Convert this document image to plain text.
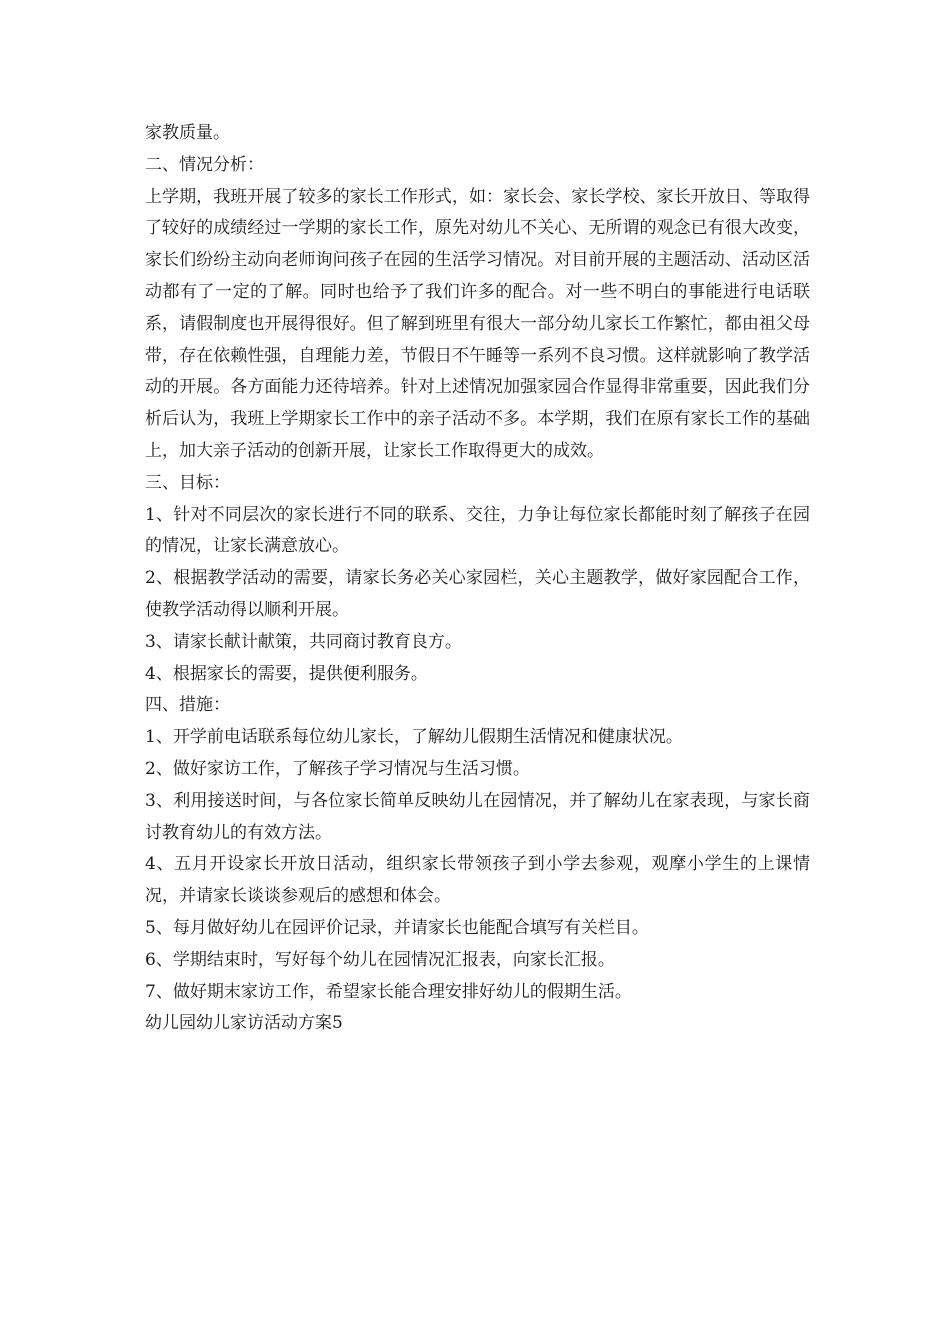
家教质量。

二、情况分析：

上学期，我班开展了较多的家长工作形式，如：家长会、家长学校、家长开放日、等取得了较好的成绩经过一学期的家长工作，原先对幼儿不关心、无所谓的观念已有很大改变，家长们纷纷主动向老师询问孩子在园的生活学习情况。对目前开展的主题活动、活动区活动都有了一定的了解。同时也给予了我们许多的配合。对一些不明白的事能进行电话联系，请假制度也开展得很好。但了解到班里有很大一部分幼儿家长工作繁忙，都由祖父母带，存在依赖性强，自理能力差，节假日不午睡等一系列不良习惯。这样就影响了教学活动的开展。各方面能力还待培养。针对上述情况加强家园合作显得非常重要，因此我们分析后认为，我班上学期家长工作中的亲子活动不多。本学期，我们在原有家长工作的基础上，加大亲子活动的创新开展，让家长工作取得更大的成效。

三、目标：

1、针对不同层次的家长进行不同的联系、交往，力争让每位家长都能时刻了解孩子在园的情况，让家长满意放心。

2、根据教学活动的需要，请家长务必关心家园栏，关心主题教学，做好家园配合工作，使教学活动得以顺利开展。

3、请家长献计献策，共同商讨教育良方。

4、根据家长的需要，提供便利服务。

四、措施：

1、开学前电话联系每位幼儿家长，了解幼儿假期生活情况和健康状况。

2、做好家访工作，了解孩子学习情况与生活习惯。

3、利用接送时间，与各位家长简单反映幼儿在园情况，并了解幼儿在家表现，与家长商讨教育幼儿的有效方法。

4、五月开设家长开放日活动，组织家长带领孩子到小学去参观，观摩小学生的上课情况，并请家长谈谈参观后的感想和体会。

5、每月做好幼儿在园评价记录，并请家长也能配合填写有关栏目。

6、学期结束时，写好每个幼儿在园情况汇报表，向家长汇报。

7、做好期末家访工作，希望家长能合理安排好幼儿的假期生活。

幼儿园幼儿家访活动方案5
